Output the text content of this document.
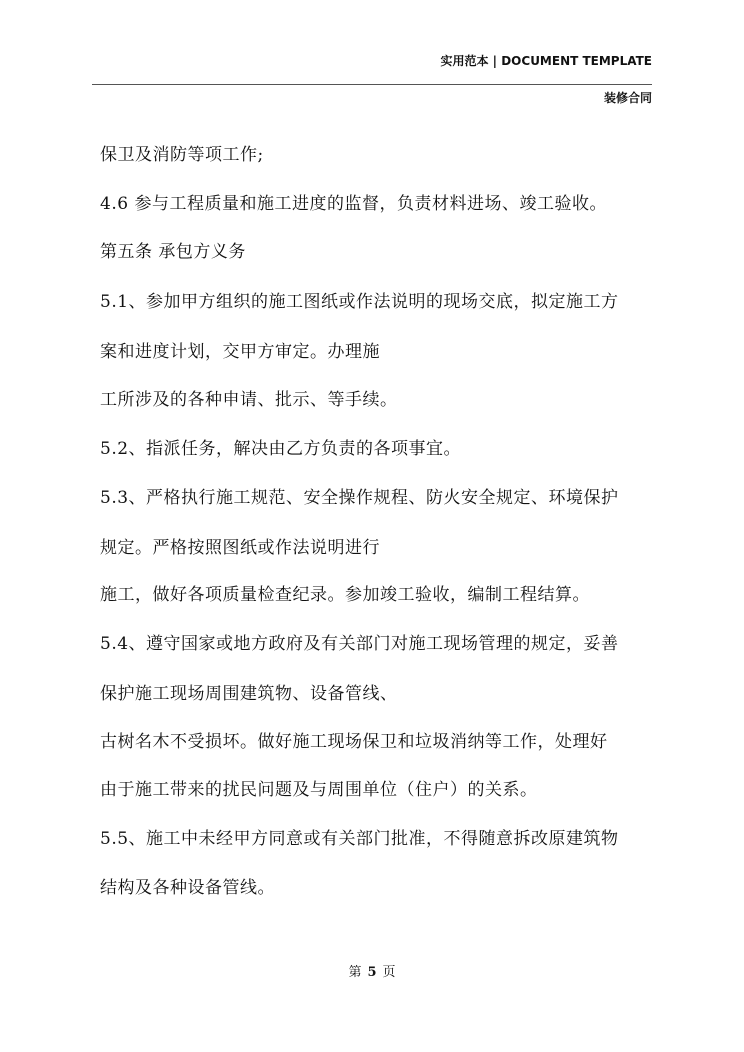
实用范本 | DOCUMENT TEMPLATE
装修合同
保卫及消防等项工作;
4.6 参与工程质量和施工进度的监督，负责材料进场、竣工验收。
第五条 承包方义务
5.1、参加甲方组织的施工图纸或作法说明的现场交底，拟定施工方
案和进度计划，交甲方审定。办理施
工所涉及的各种申请、批示、等手续。
5.2、指派任务，解决由乙方负责的各项事宜。
5.3、严格执行施工规范、安全操作规程、防火安全规定、环境保护
规定。严格按照图纸或作法说明进行
施工，做好各项质量检查纪录。参加竣工验收，编制工程结算。
5.4、遵守国家或地方政府及有关部门对施工现场管理的规定，妥善
保护施工现场周围建筑物、设备管线、
古树名木不受损坏。做好施工现场保卫和垃圾消纳等工作，处理好
由于施工带来的扰民问题及与周围单位（住户）的关系。
5.5、施工中未经甲方同意或有关部门批准，不得随意拆改原建筑物
结构及各种设备管线。
第 5 页
